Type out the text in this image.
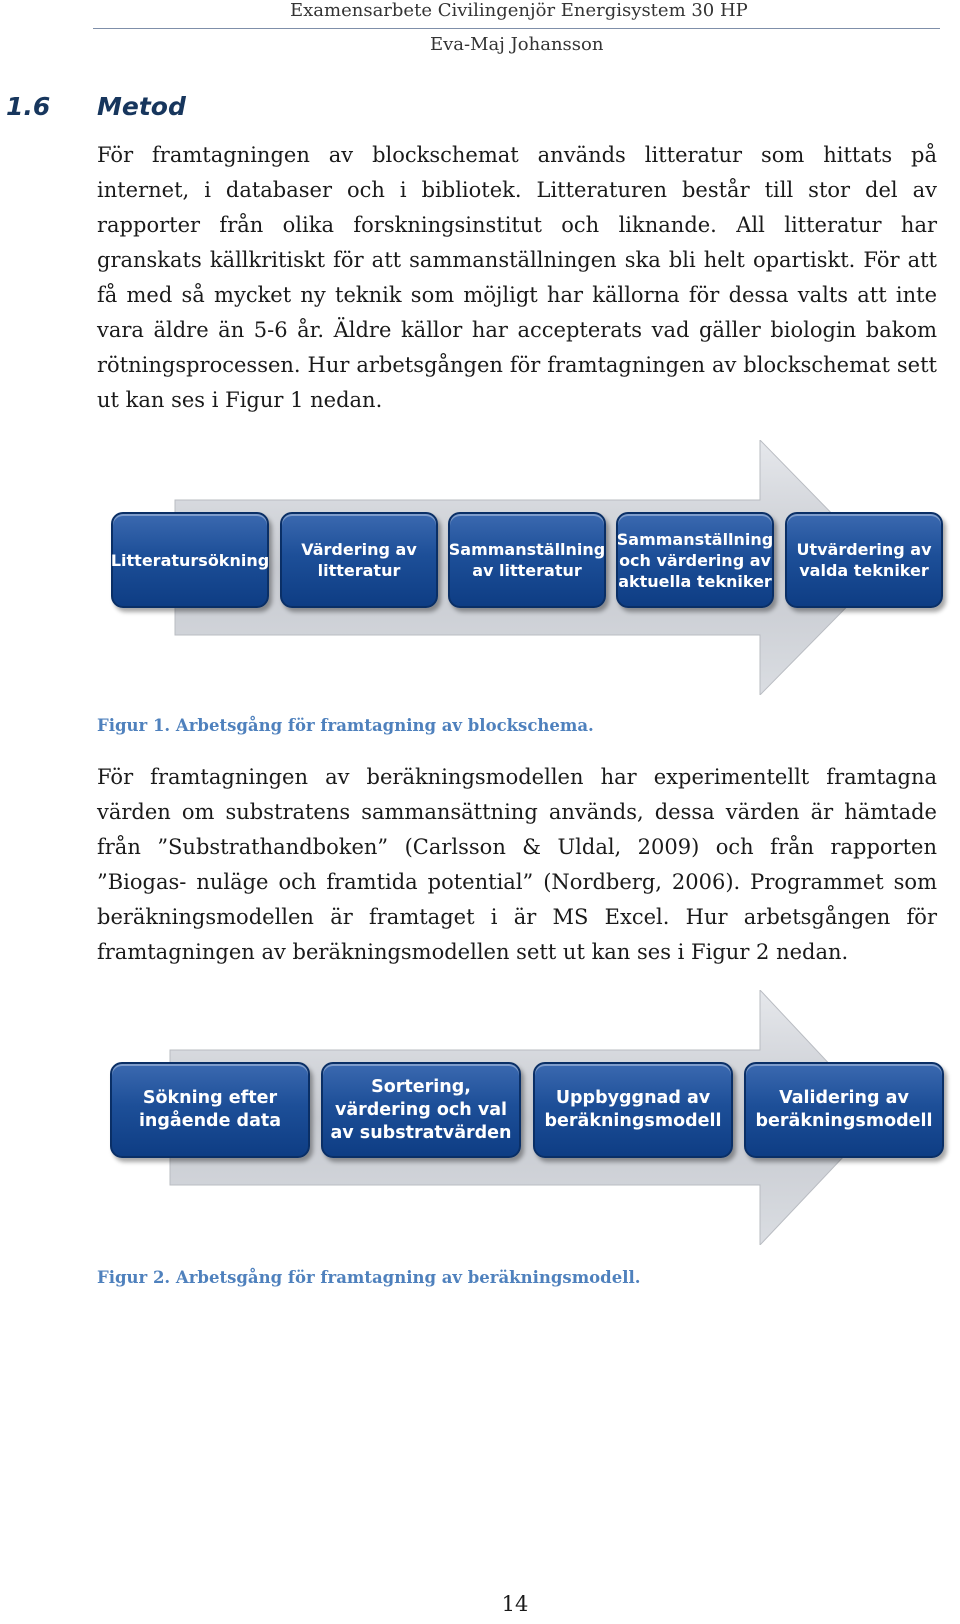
Examensarbete Civilingenjör Energisystem 30 HP
Eva-Maj Johansson
1.6 Metod
För framtagningen av blockschemat används litteratur som hittats på internet, i databaser och i bibliotek. Litteraturen består till stor del av rapporter från olika forskningsinstitut och liknande. All litteratur har granskats källkritiskt för att sammanställningen ska bli helt opartiskt. För att få med så mycket ny teknik som möjligt har källorna för dessa valts att inte vara äldre än 5-6 år. Äldre källor har accepterats vad gäller biologin bakom rötningsprocessen. Hur arbetsgången för framtagningen av blockschemat sett ut kan ses i Figur 1 nedan.
Litteratursökning
Värdering av litteratur
Sammanställning av litteratur
Sammanställning och värdering av aktuella tekniker
Utvärdering av valda tekniker
Figur 1. Arbetsgång för framtagning av blockschema.
För framtagningen av beräkningsmodellen har experimentellt framtagna värden om substratens sammansättning används, dessa värden är hämtade från ”Substrathandboken” (Carlsson & Uldal, 2009) och från rapporten ”Biogas- nuläge och framtida potential” (Nordberg, 2006). Programmet som beräkningsmodellen är framtaget i är MS Excel. Hur arbetsgången för framtagningen av beräkningsmodellen sett ut kan ses i Figur 2 nedan.
Sökning efter ingående data
Sortering, värdering och val av substratvärden
Uppbyggnad av beräkningsmodell
Validering av beräkningsmodell
Figur 2. Arbetsgång för framtagning av beräkningsmodell.
14
